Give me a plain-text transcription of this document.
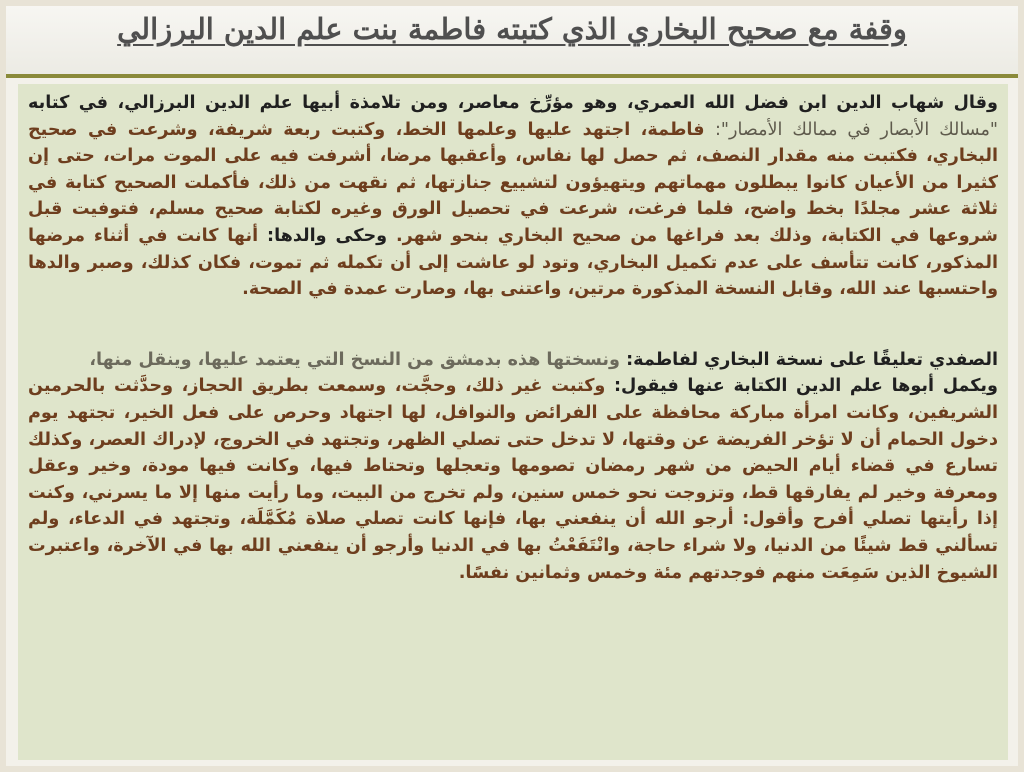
وقفة مع صحيح البخاري الذي كتبته فاطمة بنت علم الدين البرزالي

وقال شهاب الدين ابن فضل الله العمري، وهو مؤرِّخ معاصر، ومن تلامذة أبيها علم الدين البرزالي، في كتابه "مسالك الأبصار في ممالك الأمصار": فاطمة، اجتهد عليها وعلمها الخط، وكتبت ربعة شريفة، وشرعت في صحيح البخاري، فكتبت منه مقدار النصف، ثم حصل لها نفاس، وأعقبها مرضا، أشرفت فيه على الموت مرات، حتى إن كثيرا من الأعيان كانوا يبطلون مهماتهم ويتهيؤون لتشييع جنازتها، ثم نقهت من ذلك، فأكملت الصحيح كتابة في ثلاثة عشر مجلدًا بخط واضح، فلما فرغت، شرعت في تحصيل الورق وغيره لكتابة صحيح مسلم، فتوفيت قبل شروعها في الكتابة، وذلك بعد فراغها من صحيح البخاري بنحو شهر. وحكى والدها: أنها كانت في أثناء مرضها المذكور، كانت تتأسف على عدم تكميل البخاري، وتود لو عاشت إلى أن تكمله ثم تموت، فكان كذلك، وصبر والدها واحتسبها عند الله، وقابل النسخة المذكورة مرتين، واعتنى بها، وصارت عمدة في الصحة.

الصفدي تعليقًا على نسخة البخاري لفاطمة: ونسختها هذه بدمشق من النسخ التي يعتمد عليها، وينقل منها،

ويكمل أبوها علم الدين الكتابة عنها فيقول: وكتبت غير ذلك، وحجَّت، وسمعت بطريق الحجاز، وحدَّثت بالحرمين الشريفين، وكانت امرأة مباركة محافظة على الفرائض والنوافل، لها اجتهاد وحرص على فعل الخير، تجتهد يوم دخول الحمام أن لا تؤخر الفريضة عن وقتها، لا تدخل حتى تصلي الظهر، وتجتهد في الخروج، لإدراك العصر، وكذلك تسارع في قضاء أيام الحيض من شهر رمضان تصومها وتعجلها وتحتاط فيها، وكانت فيها مودة، وخير وعقل ومعرفة وخير لم يفارقها قط، وتزوجت نحو خمس سنين، ولم تخرج من البيت، وما رأيت منها إلا ما يسرني، وكنت إذا رأيتها تصلي أفرح وأقول: أرجو الله أن ينفعني بها، فإنها كانت تصلي صلاة مُكَمَّلَة، وتجتهد في الدعاء، ولم تسألني قط شيئًا من الدنيا، ولا شراء حاجة، وانْتَفَعْتُ بها في الدنيا وأرجو أن ينفعني الله بها في الآخرة، واعتبرت الشيوخ الذين سَمِعَت منهم فوجدتهم مئة وخمس وثمانين نفسًا.
